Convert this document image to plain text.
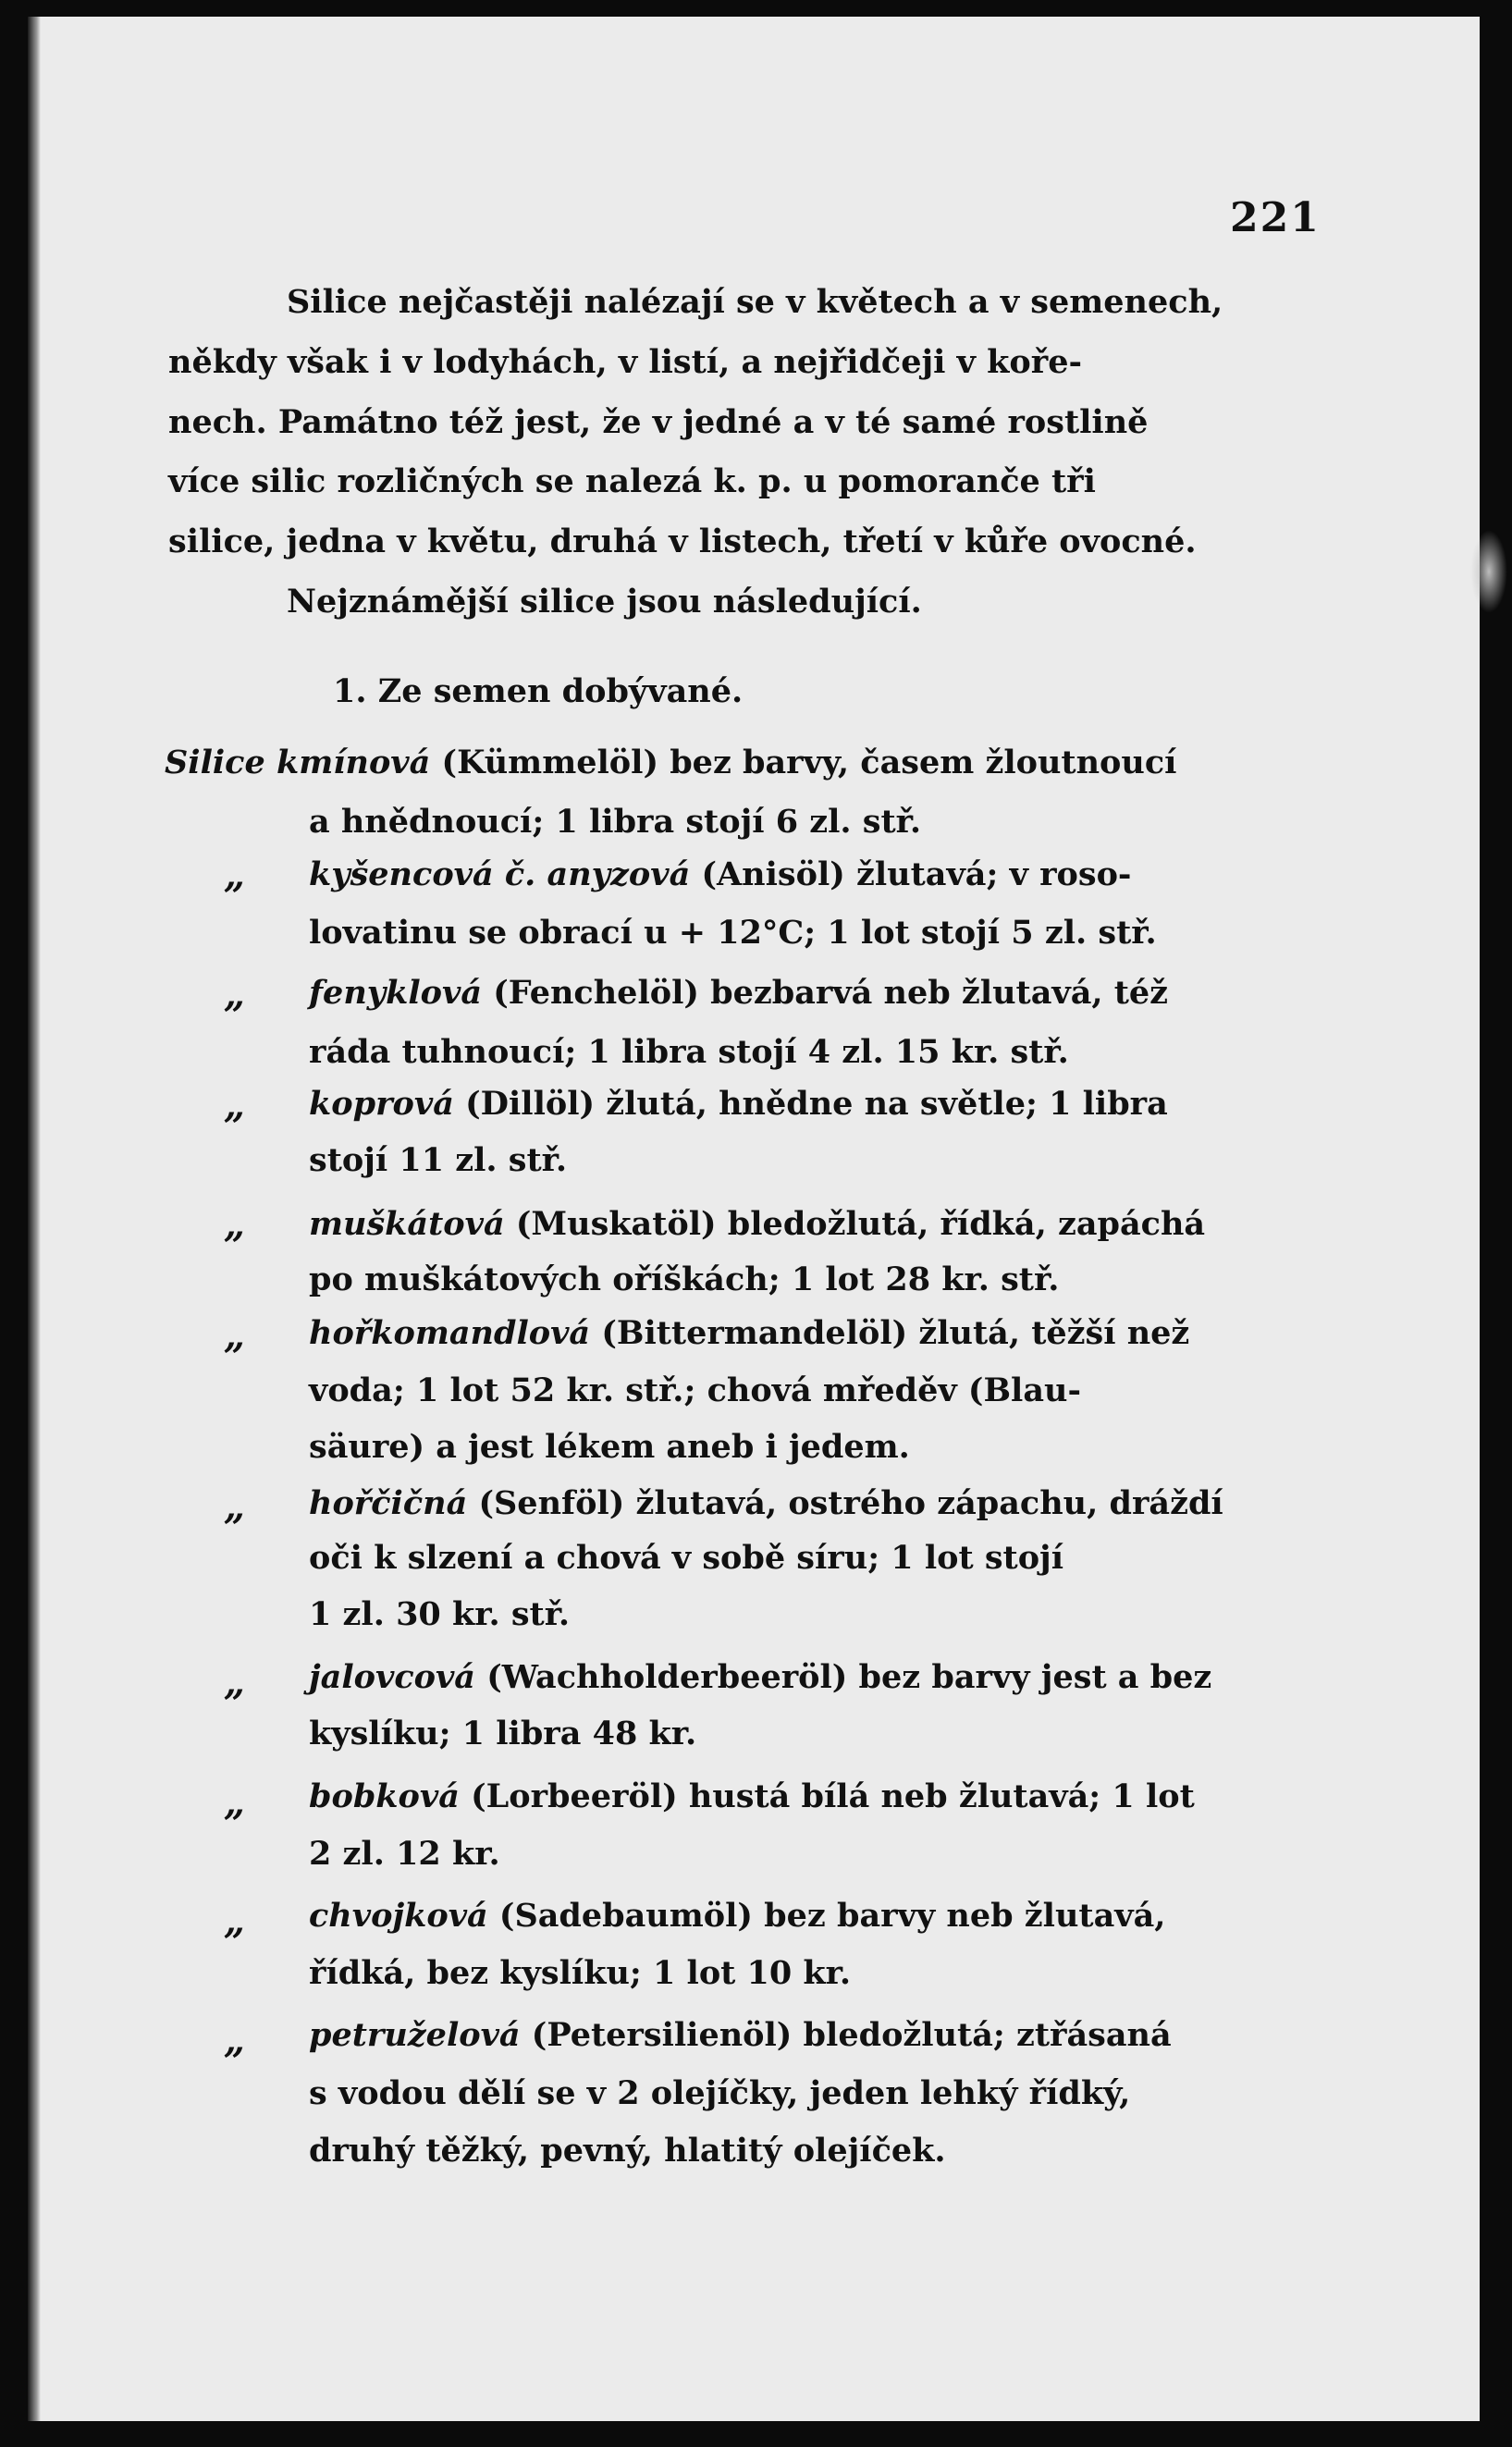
221
Silice nejčastěji nalézají se v květech a v semenech,
někdy však i v lodyhách, v listí, a nejřidčeji v koře-
nech. Památno též jest, že v jedné a v té samé rostlině
více silic rozličných se nalezá k. p. u pomoranče tři
silice, jedna v květu, druhá v listech, třetí v kůře ovocné.
Nejznámější silice jsou následující.
1. Ze semen dobývané.
Silice kmínová (Kümmelöl) bez barvy, časem žloutnoucí
a hnědnoucí; 1 libra stojí 6 zl. stř.
„ kyšencová č. anyzová (Anisöl) žlutavá; v roso-
lovatinu se obrací u + 12°C; 1 lot stojí 5 zl. stř.
„ fenyklová (Fenchelöl) bezbarvá neb žlutavá, též
ráda tuhnoucí; 1 libra stojí 4 zl. 15 kr. stř.
„ koprová (Dillöl) žlutá, hnědne na světle; 1 libra
stojí 11 zl. stř.
„ muškátová (Muskatöl) bledožlutá, řídká, zapáchá
po muškátových oříškách; 1 lot 28 kr. stř.
„ hořkomandlová (Bittermandelöl) žlutá, těžší než
voda; 1 lot 52 kr. stř.; chová mředěv (Blau-
säure) a jest lékem aneb i jedem.
„ hořčičná (Senföl) žlutavá, ostrého zápachu, dráždí
oči k slzení a chová v sobě síru; 1 lot stojí
1 zl. 30 kr. stř.
„ jalovcová (Wachholderbeeröl) bez barvy jest a bez
kyslíku; 1 libra 48 kr.
„ bobková (Lorbeeröl) hustá bílá neb žlutavá; 1 lot
2 zl. 12 kr.
„ chvojková (Sadebaumöl) bez barvy neb žlutavá,
řídká, bez kyslíku; 1 lot 10 kr.
„ petruželová (Petersilienöl) bledožlutá; ztřásaná
s vodou dělí se v 2 olejíčky, jeden lehký řídký,
druhý těžký, pevný, hlatitý olejíček.
